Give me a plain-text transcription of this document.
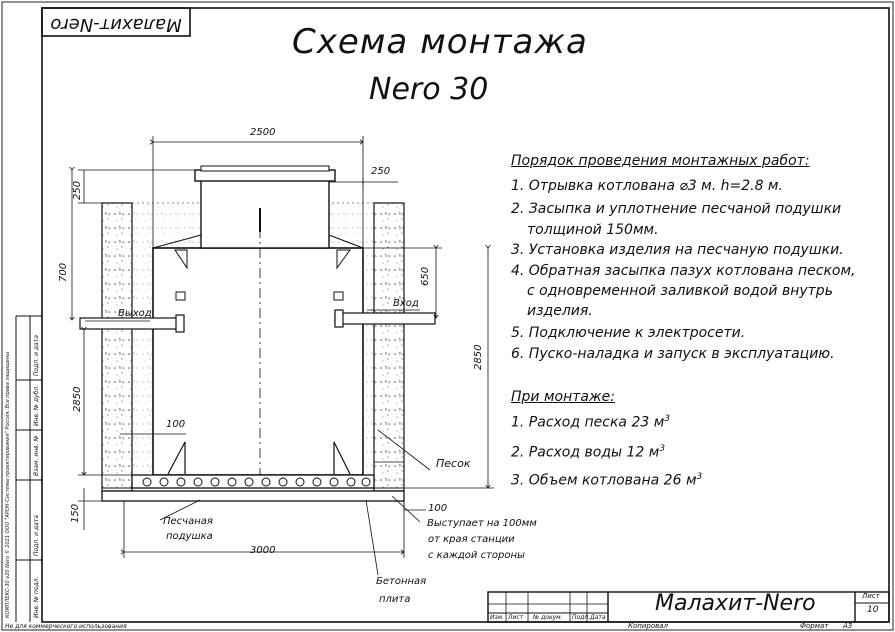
Малахит-Nero	Схема монтажа
Nero 30
2500
250
250
700
2850
650
2850
100
100
150
3000
Выход
Вход
Песок
Песчаная
подушка
Бетонная
плита
Выступает на 100мм
от края станции
с каждой стороны
Порядок проведения монтажных работ:
1. Отрывка котлована ⌀3 м. h=2.8 м.
2. Засыпка и уплотнение песчаной подушки
толщиной 150мм.
3. Установка изделия на песчаную подушки.
4. Обратная засыпка пазух котлована песком,
с одновременной заливкой водой внутрь
изделия.
5. Подключение к электросети.
6. Пуско-наладка и запуск в эксплуатацию.
При монтаже:
1. Расход песка 23 $м^3$
2. Расход воды 12 $м^3$
3. Объем котлована 26 $м^3$
Подп. и дата
Инв. № дубл.
Взам. инв. №
Подп. и дата
Инв. № подл.
КОМПЛЕКС-30 v20 Nero © 2021 ООО "АРОН-Системы проектирования" Россия. Все права защищены	Малахит-Nero	Лист
10
Изм. Лист № докум. Подп. Дата
Копировал	Формат А3
Не для коммерческого использования
